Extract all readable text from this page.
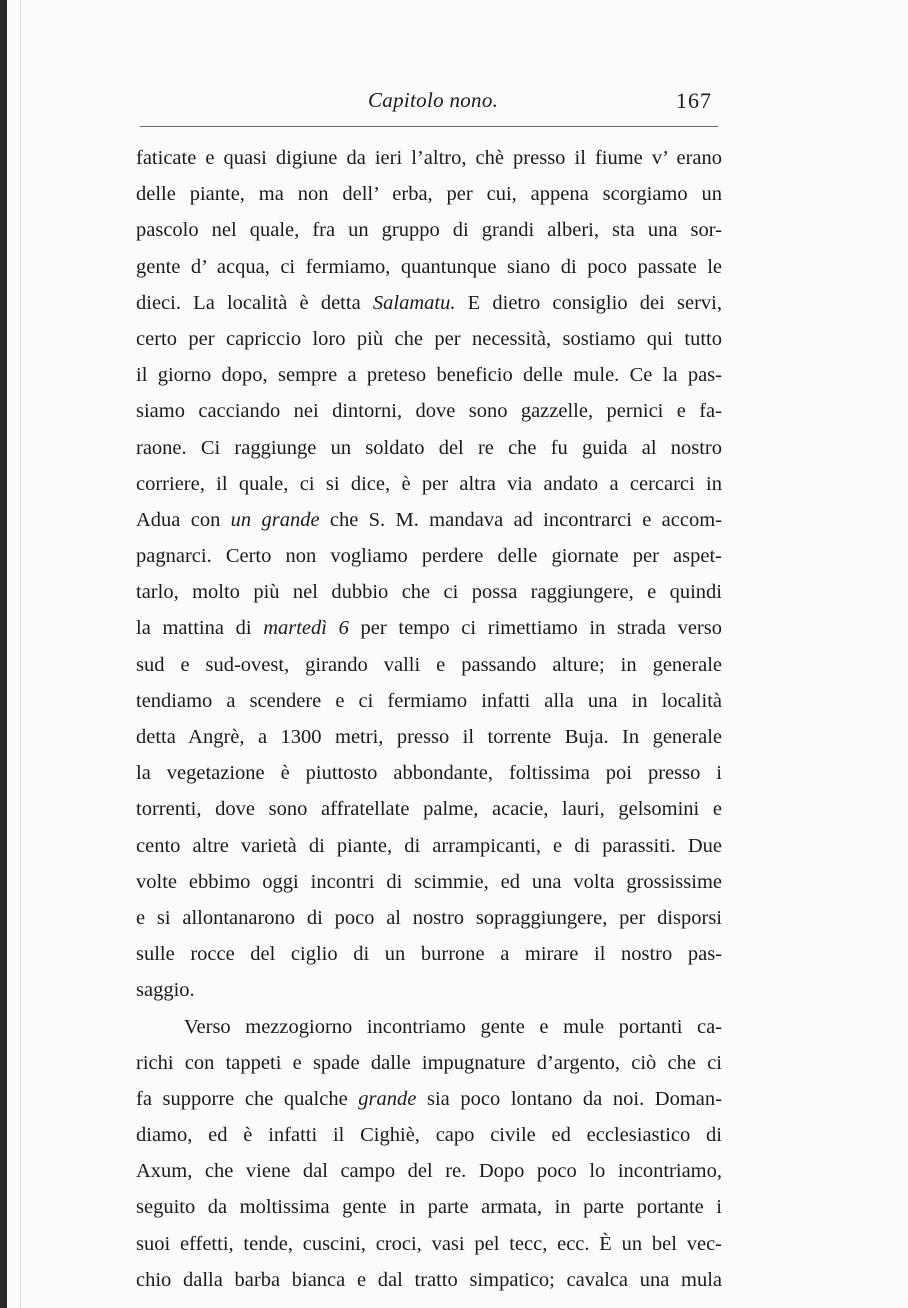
Capitolo nono.	167
faticate e quasi digiune da ieri l’altro, chè presso il fiume v’ erano
delle piante, ma non dell’ erba, per cui, appena scorgiamo un
pascolo nel quale, fra un gruppo di grandi alberi, sta una sor-
gente d’ acqua, ci fermiamo, quantunque siano di poco passate le
dieci. La località è detta Salamatu. E dietro consiglio dei servi,
certo per capriccio loro più che per necessità, sostiamo qui tutto
il giorno dopo, sempre a preteso beneficio delle mule. Ce la pas-
siamo cacciando nei dintorni, dove sono gazzelle, pernici e fa-
raone. Ci raggiunge un soldato del re che fu guida al nostro
corriere, il quale, ci si dice, è per altra via andato a cercarci in
Adua con un grande che S. M. mandava ad incontrarci e accom-
pagnarci. Certo non vogliamo perdere delle giornate per aspet-
tarlo, molto più nel dubbio che ci possa raggiungere, e quindi
la mattina di martedì 6 per tempo ci rimettiamo in strada verso
sud e sud-ovest, girando valli e passando alture; in generale
tendiamo a scendere e ci fermiamo infatti alla una in località
detta Angrè, a 1300 metri, presso il torrente Buja. In generale
la vegetazione è piuttosto abbondante, foltissima poi presso i
torrenti, dove sono affratellate palme, acacie, lauri, gelsomini e
cento altre varietà di piante, di arrampicanti, e di parassiti. Due
volte ebbimo oggi incontri di scimmie, ed una volta grossissime
e si allontanarono di poco al nostro sopraggiungere, per disporsi
sulle rocce del ciglio di un burrone a mirare il nostro pas-
saggio.
Verso mezzogiorno incontriamo gente e mule portanti ca-
richi con tappeti e spade dalle impugnature d’argento, ciò che ci
fa supporre che qualche grande sia poco lontano da noi. Doman-
diamo, ed è infatti il Cighiè, capo civile ed ecclesiastico di
Axum, che viene dal campo del re. Dopo poco lo incontriamo,
seguito da moltissima gente in parte armata, in parte portante i
suoi effetti, tende, cuscini, croci, vasi pel tecc, ecc. È un bel vec-
chio dalla barba bianca e dal tratto simpatico; cavalca una mula
